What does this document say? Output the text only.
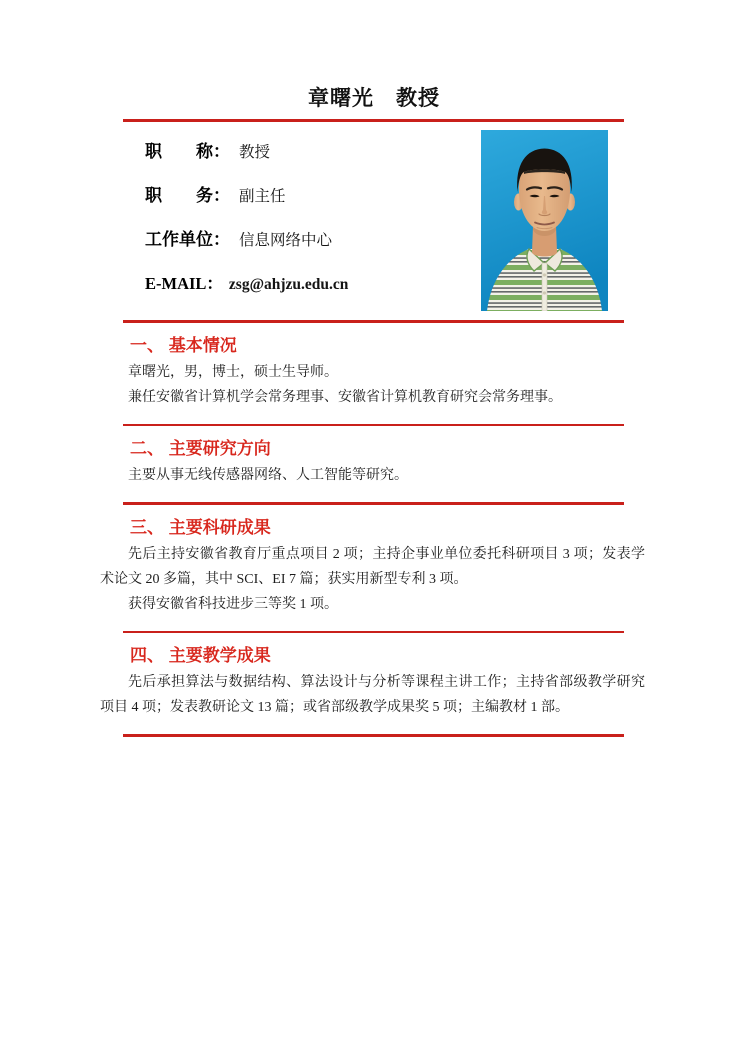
章曙光　教授
职　　称： 教授
职　　务： 副主任
工作单位： 信息网络中心
E-MAIL： zsg@ahjzu.edu.cn
一、 基本情况

章曙光，男，博士，硕士生导师。

兼任安徽省计算机学会常务理事、安徽省计算机教育研究会常务理事。

二、 主要研究方向

主要从事无线传感器网络、人工智能等研究。

三、 主要科研成果

先后主持安徽省教育厅重点项目 2 项；主持企事业单位委托科研项目 3 项；发表学术论文 20 多篇，其中 SCI、EI 7 篇；获实用新型专利 3 项。

获得安徽省科技进步三等奖 1 项。

四、 主要教学成果

先后承担算法与数据结构、算法设计与分析等课程主讲工作；主持省部级教学研究项目 4 项；发表教研论文 13 篇；或省部级教学成果奖 5 项；主编教材 1 部。
